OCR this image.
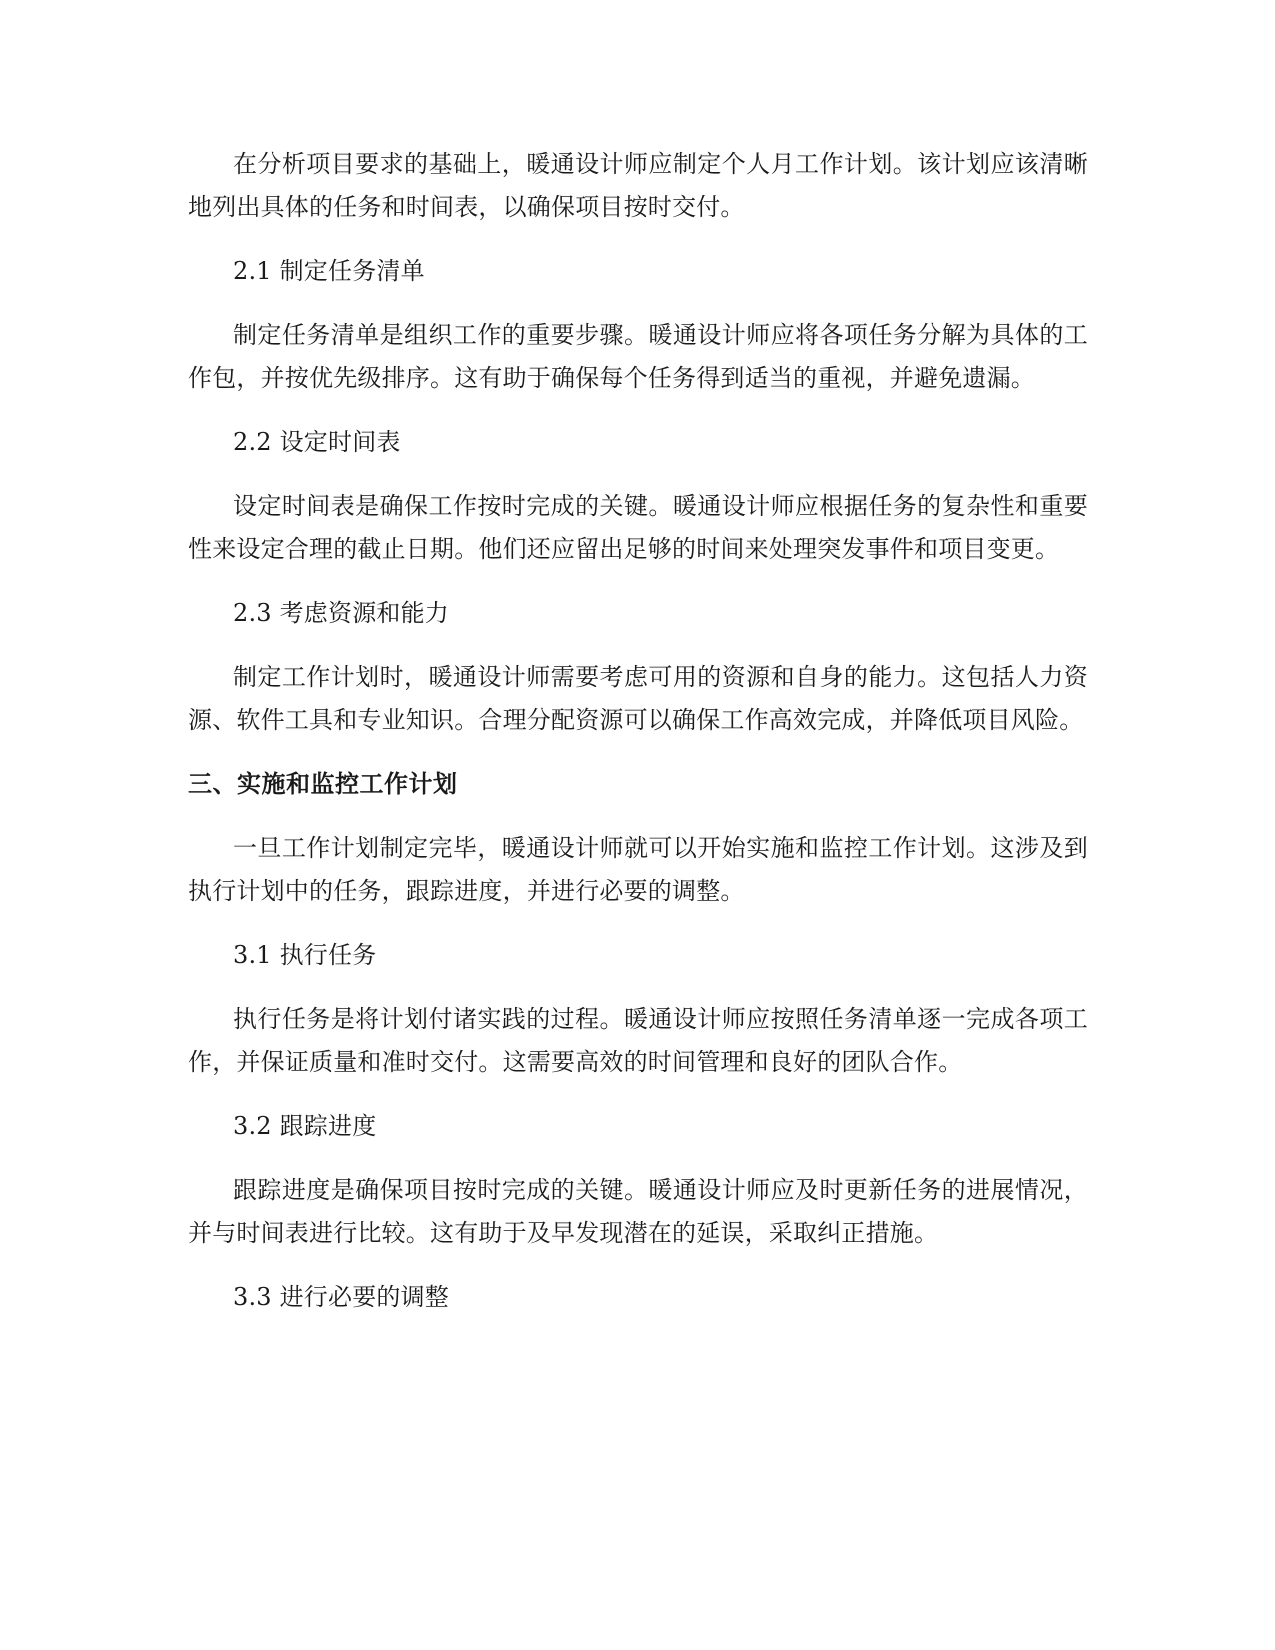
在分析项目要求的基础上，暖通设计师应制定个人月工作计划。该计划应该清晰地列出具体的任务和时间表，以确保项目按时交付。

2.1 制定任务清单

制定任务清单是组织工作的重要步骤。暖通设计师应将各项任务分解为具体的工作包，并按优先级排序。这有助于确保每个任务得到适当的重视，并避免遗漏。

2.2 设定时间表

设定时间表是确保工作按时完成的关键。暖通设计师应根据任务的复杂性和重要性来设定合理的截止日期。他们还应留出足够的时间来处理突发事件和项目变更。

2.3 考虑资源和能力

制定工作计划时，暖通设计师需要考虑可用的资源和自身的能力。这包括人力资源、软件工具和专业知识。合理分配资源可以确保工作高效完成，并降低项目风险。

三、实施和监控工作计划

一旦工作计划制定完毕，暖通设计师就可以开始实施和监控工作计划。这涉及到执行计划中的任务，跟踪进度，并进行必要的调整。

3.1 执行任务

执行任务是将计划付诸实践的过程。暖通设计师应按照任务清单逐一完成各项工作，并保证质量和准时交付。这需要高效的时间管理和良好的团队合作。

3.2 跟踪进度

跟踪进度是确保项目按时完成的关键。暖通设计师应及时更新任务的进展情况，并与时间表进行比较。这有助于及早发现潜在的延误，采取纠正措施。

3.3 进行必要的调整
